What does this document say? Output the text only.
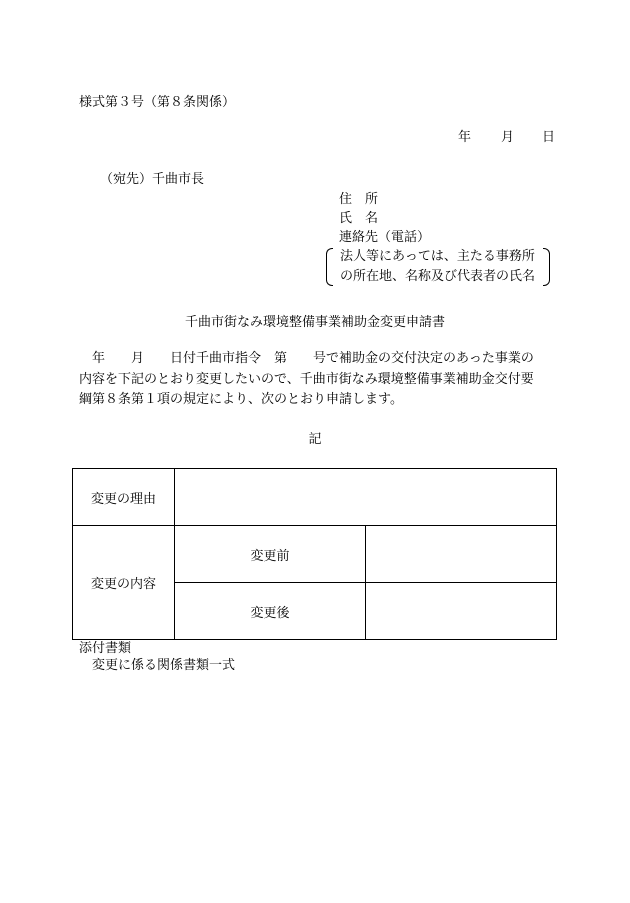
様式第３号（第８条関係）
年 月 日
（宛先）千曲市長
住　所
氏　名
連絡先（電話）
法人等にあっては、主たる事務所
の所在地、名称及び代表者の氏名
千曲市街なみ環境整備事業補助金変更申請書
　年　　月　　日付千曲市指令　第　　号で補助金の交付決定のあった事業の
内容を下記のとおり変更したいので、千曲市街なみ環境整備事業補助金交付要
綱第８条第１項の規定により、次のとおり申請します。
記
変更の理由		
変更の内容	変更前	
	変更後	
添付書類
変更に係る関係書類一式
